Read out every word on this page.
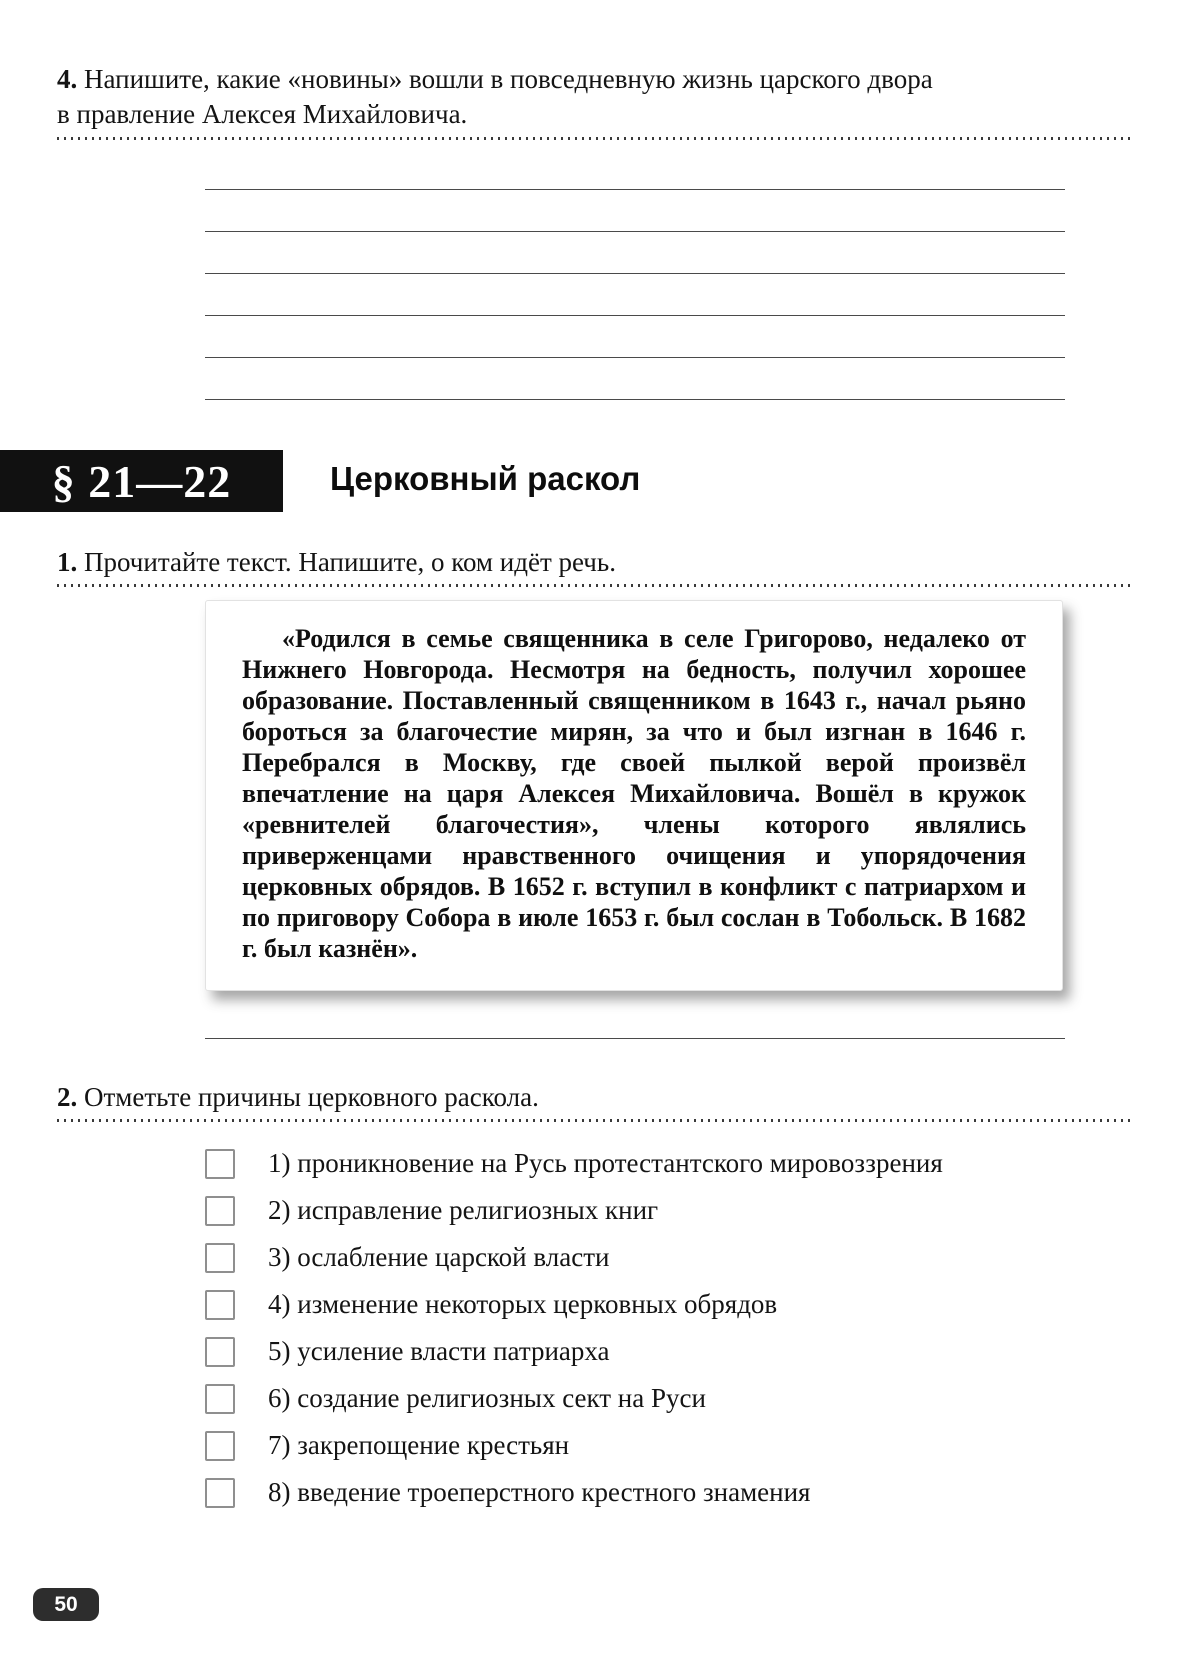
4. Напишите, какие «новины» вошли в повседневную жизнь царского двора в правление Алексея Михайловича.

§ 21—22	Церковный раскол

1. Прочитайте текст. Напишите, о ком идёт речь.

«Родился в семье священника в селе Григорово, недалеко от Нижнего Новгорода. Несмотря на бедность, получил хорошее образование. Поставленный священником в 1643 г., начал рьяно бороться за благочестие мирян, за что и был изгнан в 1646 г. Перебрался в Москву, где своей пылкой верой произвёл впечатление на царя Алексея Михайловича. Вошёл в кружок «ревнителей благочестия», члены которого являлись приверженцами нравственного очищения и упорядочения церковных обрядов. В 1652 г. вступил в конфликт с патриархом и по приговору Собора в июле 1653 г. был сослан в Тобольск. В 1682 г. был казнён».

2. Отметьте причины церковного раскола.

1) проникновение на Русь протестантского мировоззрения
2) исправление религиозных книг
3) ослабление царской власти
4) изменение некоторых церковных обрядов
5) усиление власти патриарха
6) создание религиозных сект на Руси
7) закрепощение крестьян
8) введение троеперстного крестного знамения
50
